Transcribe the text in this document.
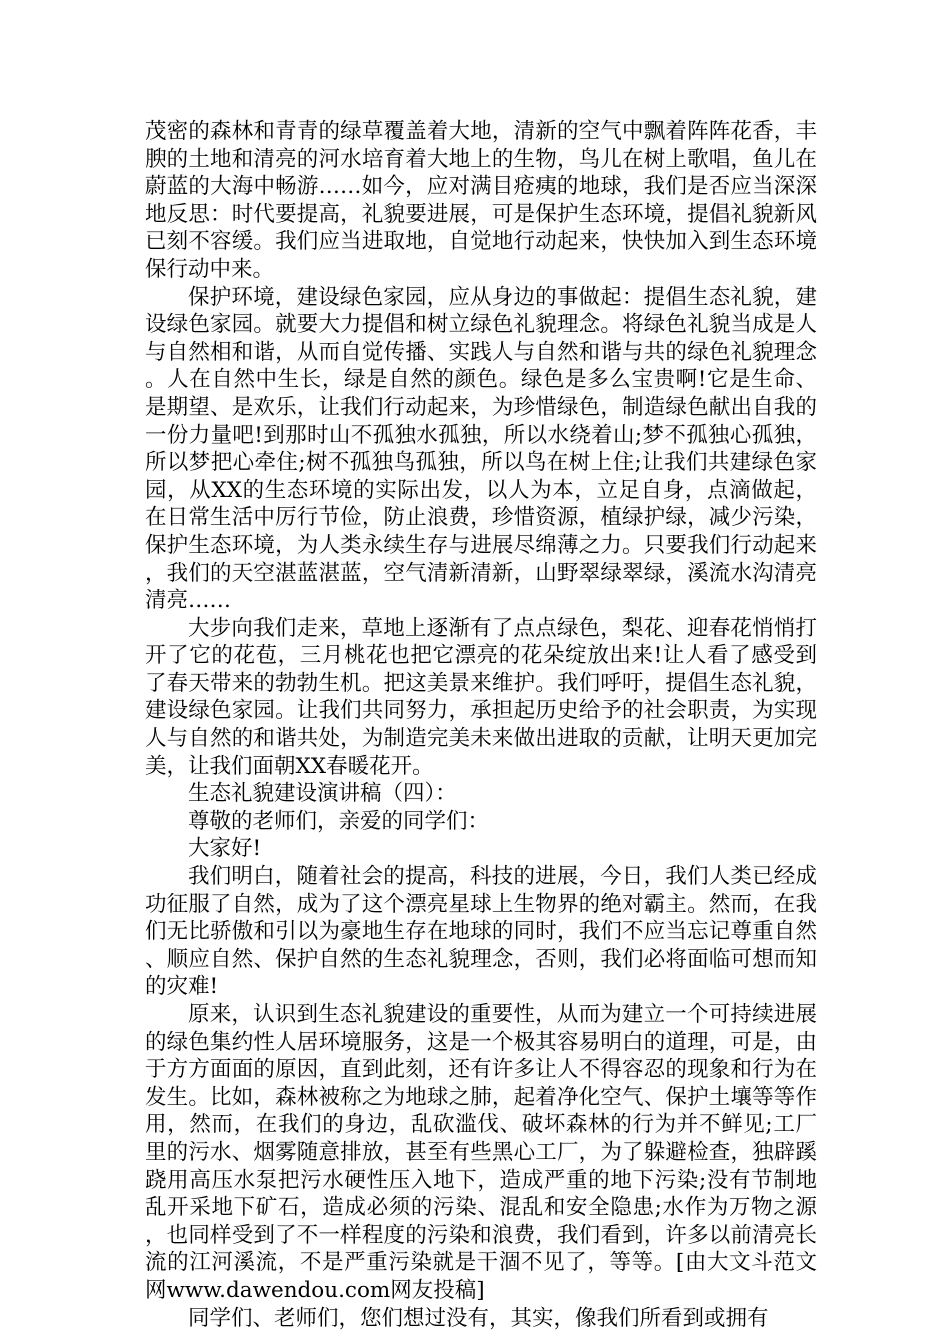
茂密的森林和青青的绿草覆盖着大地，清新的空气中飘着阵阵花香，丰腴的土地和清亮的河水培育着大地上的生物，鸟儿在树上歌唱，鱼儿在蔚蓝的大海中畅游……如今，应对满目疮痍的地球，我们是否应当深深地反思：时代要提高，礼貌要进展，可是保护生态环境，提倡礼貌新风已刻不容缓。我们应当进取地，自觉地行动起来，快快加入到生态环境保行动中来。

保护环境，建设绿色家园，应从身边的事做起：提倡生态礼貌，建设绿色家园。就要大力提倡和树立绿色礼貌理念。将绿色礼貌当成是人与自然相和谐，从而自觉传播、实践人与自然和谐与共的绿色礼貌理念。人在自然中生长，绿是自然的颜色。绿色是多么宝贵啊!它是生命、是期望、是欢乐，让我们行动起来，为珍惜绿色，制造绿色献出自我的一份力量吧!到那时山不孤独水孤独，所以水绕着山;梦不孤独心孤独，所以梦把心牵住;树不孤独鸟孤独，所以鸟在树上住;让我们共建绿色家园，从XX的生态环境的实际出发，以人为本，立足自身，点滴做起，在日常生活中厉行节俭，防止浪费，珍惜资源，植绿护绿，减少污染，保护生态环境，为人类永续生存与进展尽绵薄之力。只要我们行动起来，我们的天空湛蓝湛蓝，空气清新清新，山野翠绿翠绿，溪流水沟清亮清亮……

大步向我们走来，草地上逐渐有了点点绿色，梨花、迎春花悄悄打开了它的花苞，三月桃花也把它漂亮的花朵绽放出来!让人看了感受到了春天带来的勃勃生机。把这美景来维护。我们呼吁，提倡生态礼貌，建设绿色家园。让我们共同努力，承担起历史给予的社会职责，为实现人与自然的和谐共处，为制造完美未来做出进取的贡献，让明天更加完美，让我们面朝XX春暖花开。

生态礼貌建设演讲稿（四）：

尊敬的老师们，亲爱的同学们：

大家好!

我们明白，随着社会的提高，科技的进展，今日，我们人类已经成功征服了自然，成为了这个漂亮星球上生物界的绝对霸主。然而，在我们无比骄傲和引以为豪地生存在地球的同时，我们不应当忘记尊重自然、顺应自然、保护自然的生态礼貌理念，否则，我们必将面临可想而知的灾难!

原来，认识到生态礼貌建设的重要性，从而为建立一个可持续进展的绿色集约性人居环境服务，这是一个极其容易明白的道理，可是，由于方方面面的原因，直到此刻，还有许多让人不得容忍的现象和行为在发生。比如，森林被称之为地球之肺，起着净化空气、保护土壤等等作用，然而，在我们的身边，乱砍滥伐、破坏森林的行为并不鲜见;工厂里的污水、烟雾随意排放，甚至有些黑心工厂，为了躲避检查，独辟蹊跷用高压水泵把污水硬性压入地下，造成严重的地下污染;没有节制地乱开采地下矿石，造成必须的污染、混乱和安全隐患;水作为万物之源，也同样受到了不一样程度的污染和浪费，我们看到，许多以前清亮长流的江河溪流，不是严重污染就是干涸不见了，等等。[由大文斗范文网www.dawendou.com网友投稿]

同学们、老师们，您们想过没有，其实，像我们所看到或拥有
